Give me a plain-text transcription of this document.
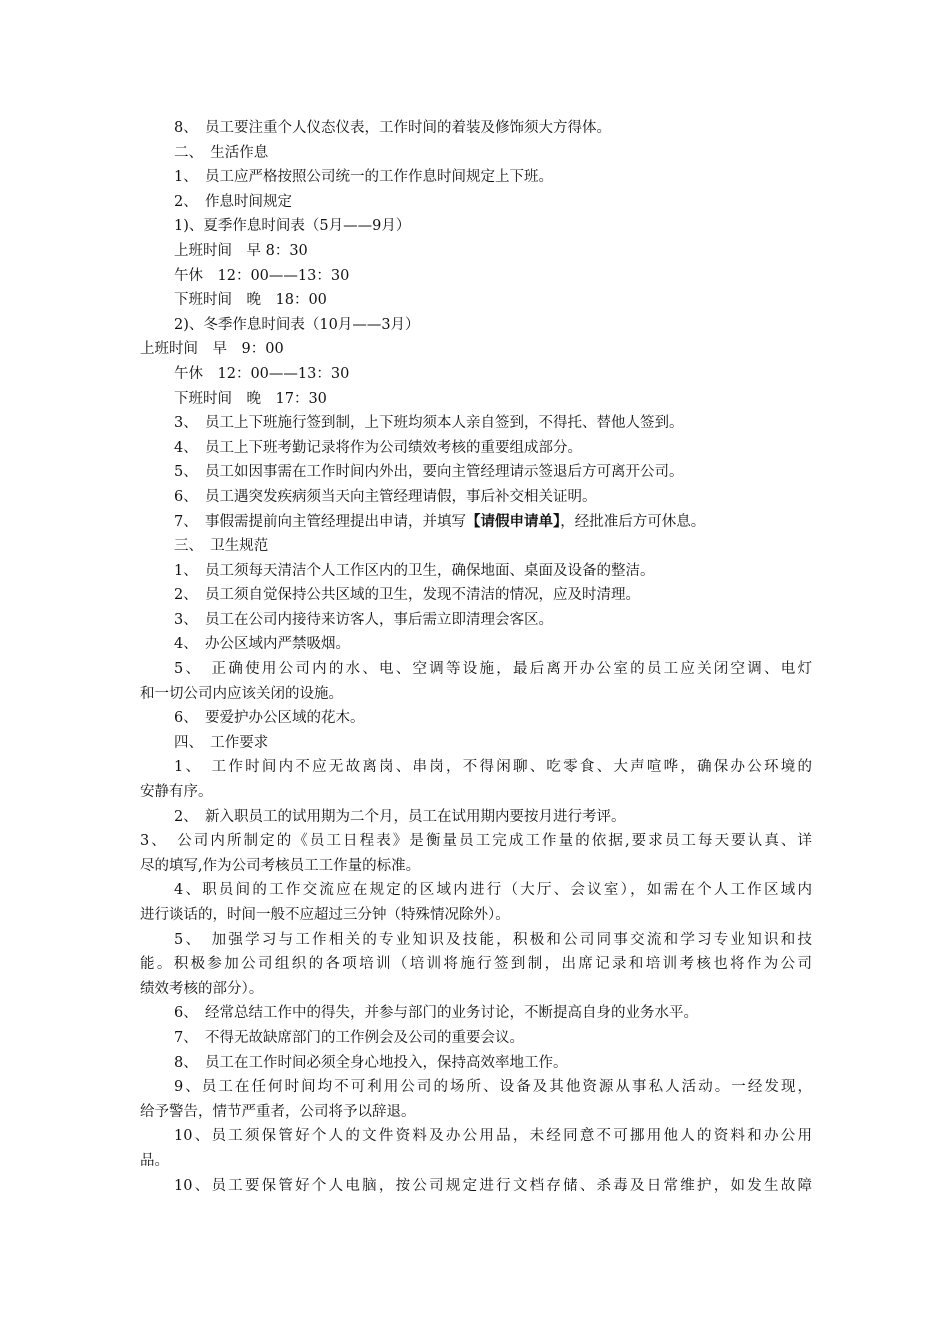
8、　员工要注重个人仪态仪表，工作时间的着装及修饰须大方得体。
二、　生活作息
1、　员工应严格按照公司统一的工作作息时间规定上下班。
2、　作息时间规定
1)、夏季作息时间表（5月——9月）
上班时间　早 8：30
午休　12：00——13：30
下班时间　晚　18：00
2)、冬季作息时间表（10月——3月）
上班时间　早　9：00
午休　12：00——13：30
下班时间　晚　17：30
3、　员工上下班施行签到制，上下班均须本人亲自签到，不得托、替他人签到。
4、　员工上下班考勤记录将作为公司绩效考核的重要组成部分。
5、　员工如因事需在工作时间内外出，要向主管经理请示签退后方可离开公司。
6、　员工遇突发疾病须当天向主管经理请假，事后补交相关证明。
7、　事假需提前向主管经理提出申请，并填写【请假申请单】，经批准后方可休息。
三、　卫生规范
1、　员工须每天清洁个人工作区内的卫生，确保地面、桌面及设备的整洁。
2、　员工须自觉保持公共区域的卫生，发现不清洁的情况，应及时清理。
3、　员工在公司内接待来访客人，事后需立即清理会客区。
4、　办公区域内严禁吸烟。
5、　正确使用公司内的水、电、空调等设施，最后离开办公室的员工应关闭空调、电灯
和一切公司内应该关闭的设施。
6、　要爱护办公区域的花木。
四、　工作要求
1、　工作时间内不应无故离岗、串岗，不得闲聊、吃零食、大声喧哗，确保办公环境的
安静有序。
2、　新入职员工的试用期为二个月，员工在试用期内要按月进行考评。
3、　公司内所制定的《员工日程表》是衡量员工完成工作量的依据,要求员工每天要认真、详
尽的填写,作为公司考核员工工作量的标准。
4、职员间的工作交流应在规定的区域内进行（大厅、会议室），如需在个人工作区域内
进行谈话的，时间一般不应超过三分钟（特殊情况除外）。
5、　加强学习与工作相关的专业知识及技能，积极和公司同事交流和学习专业知识和技
能。积极参加公司组织的各项培训（培训将施行签到制，出席记录和培训考核也将作为公司
绩效考核的部分）。
6、　经常总结工作中的得失，并参与部门的业务讨论，不断提高自身的业务水平。
7、　不得无故缺席部门的工作例会及公司的重要会议。
8、　员工在工作时间必须全身心地投入，保持高效率地工作。
9、员工在任何时间均不可利用公司的场所、设备及其他资源从事私人活动。一经发现，
给予警告，情节严重者，公司将予以辞退。
10、员工须保管好个人的文件资料及办公用品，未经同意不可挪用他人的资料和办公用
品。
10、员工要保管好个人电脑，按公司规定进行文档存储、杀毒及日常维护，如发生故障
